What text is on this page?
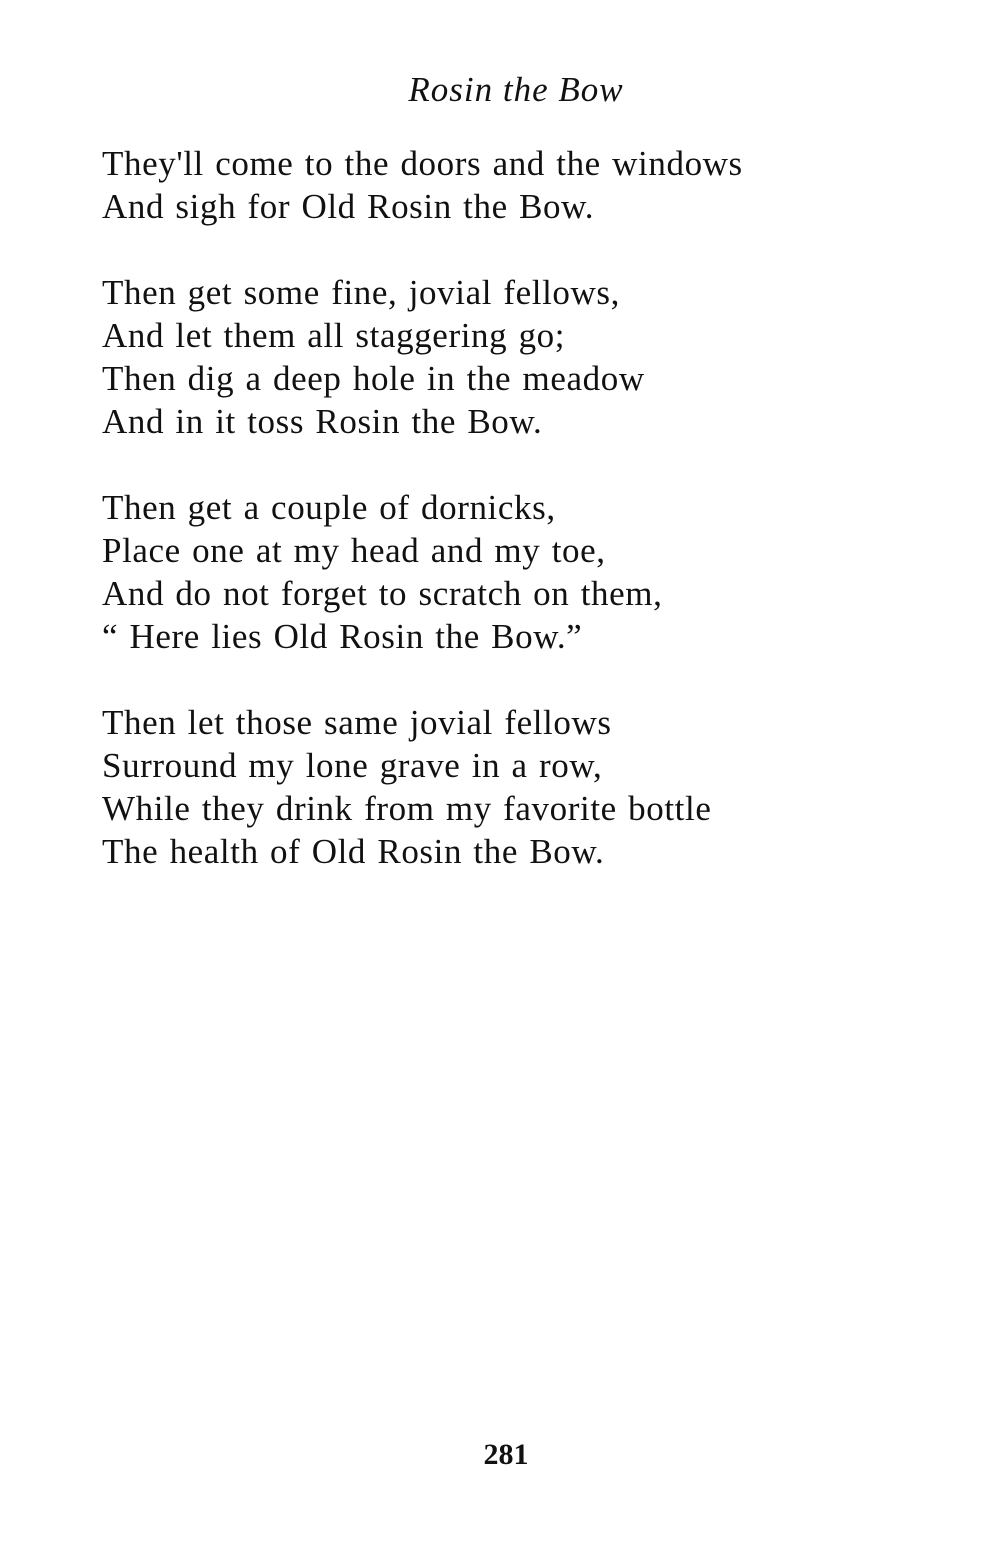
Rosin the Bow
They'll come to the doors and the windows
And sigh for Old Rosin the Bow.
Then get some fine, jovial fellows,
And let them all staggering go;
Then dig a deep hole in the meadow
And in it toss Rosin the Bow.
Then get a couple of dornicks,
Place one at my head and my toe,
And do not forget to scratch on them,
“ Here lies Old Rosin the Bow.”
Then let those same jovial fellows
Surround my lone grave in a row,
While they drink from my favorite bottle
The health of Old Rosin the Bow.
281
